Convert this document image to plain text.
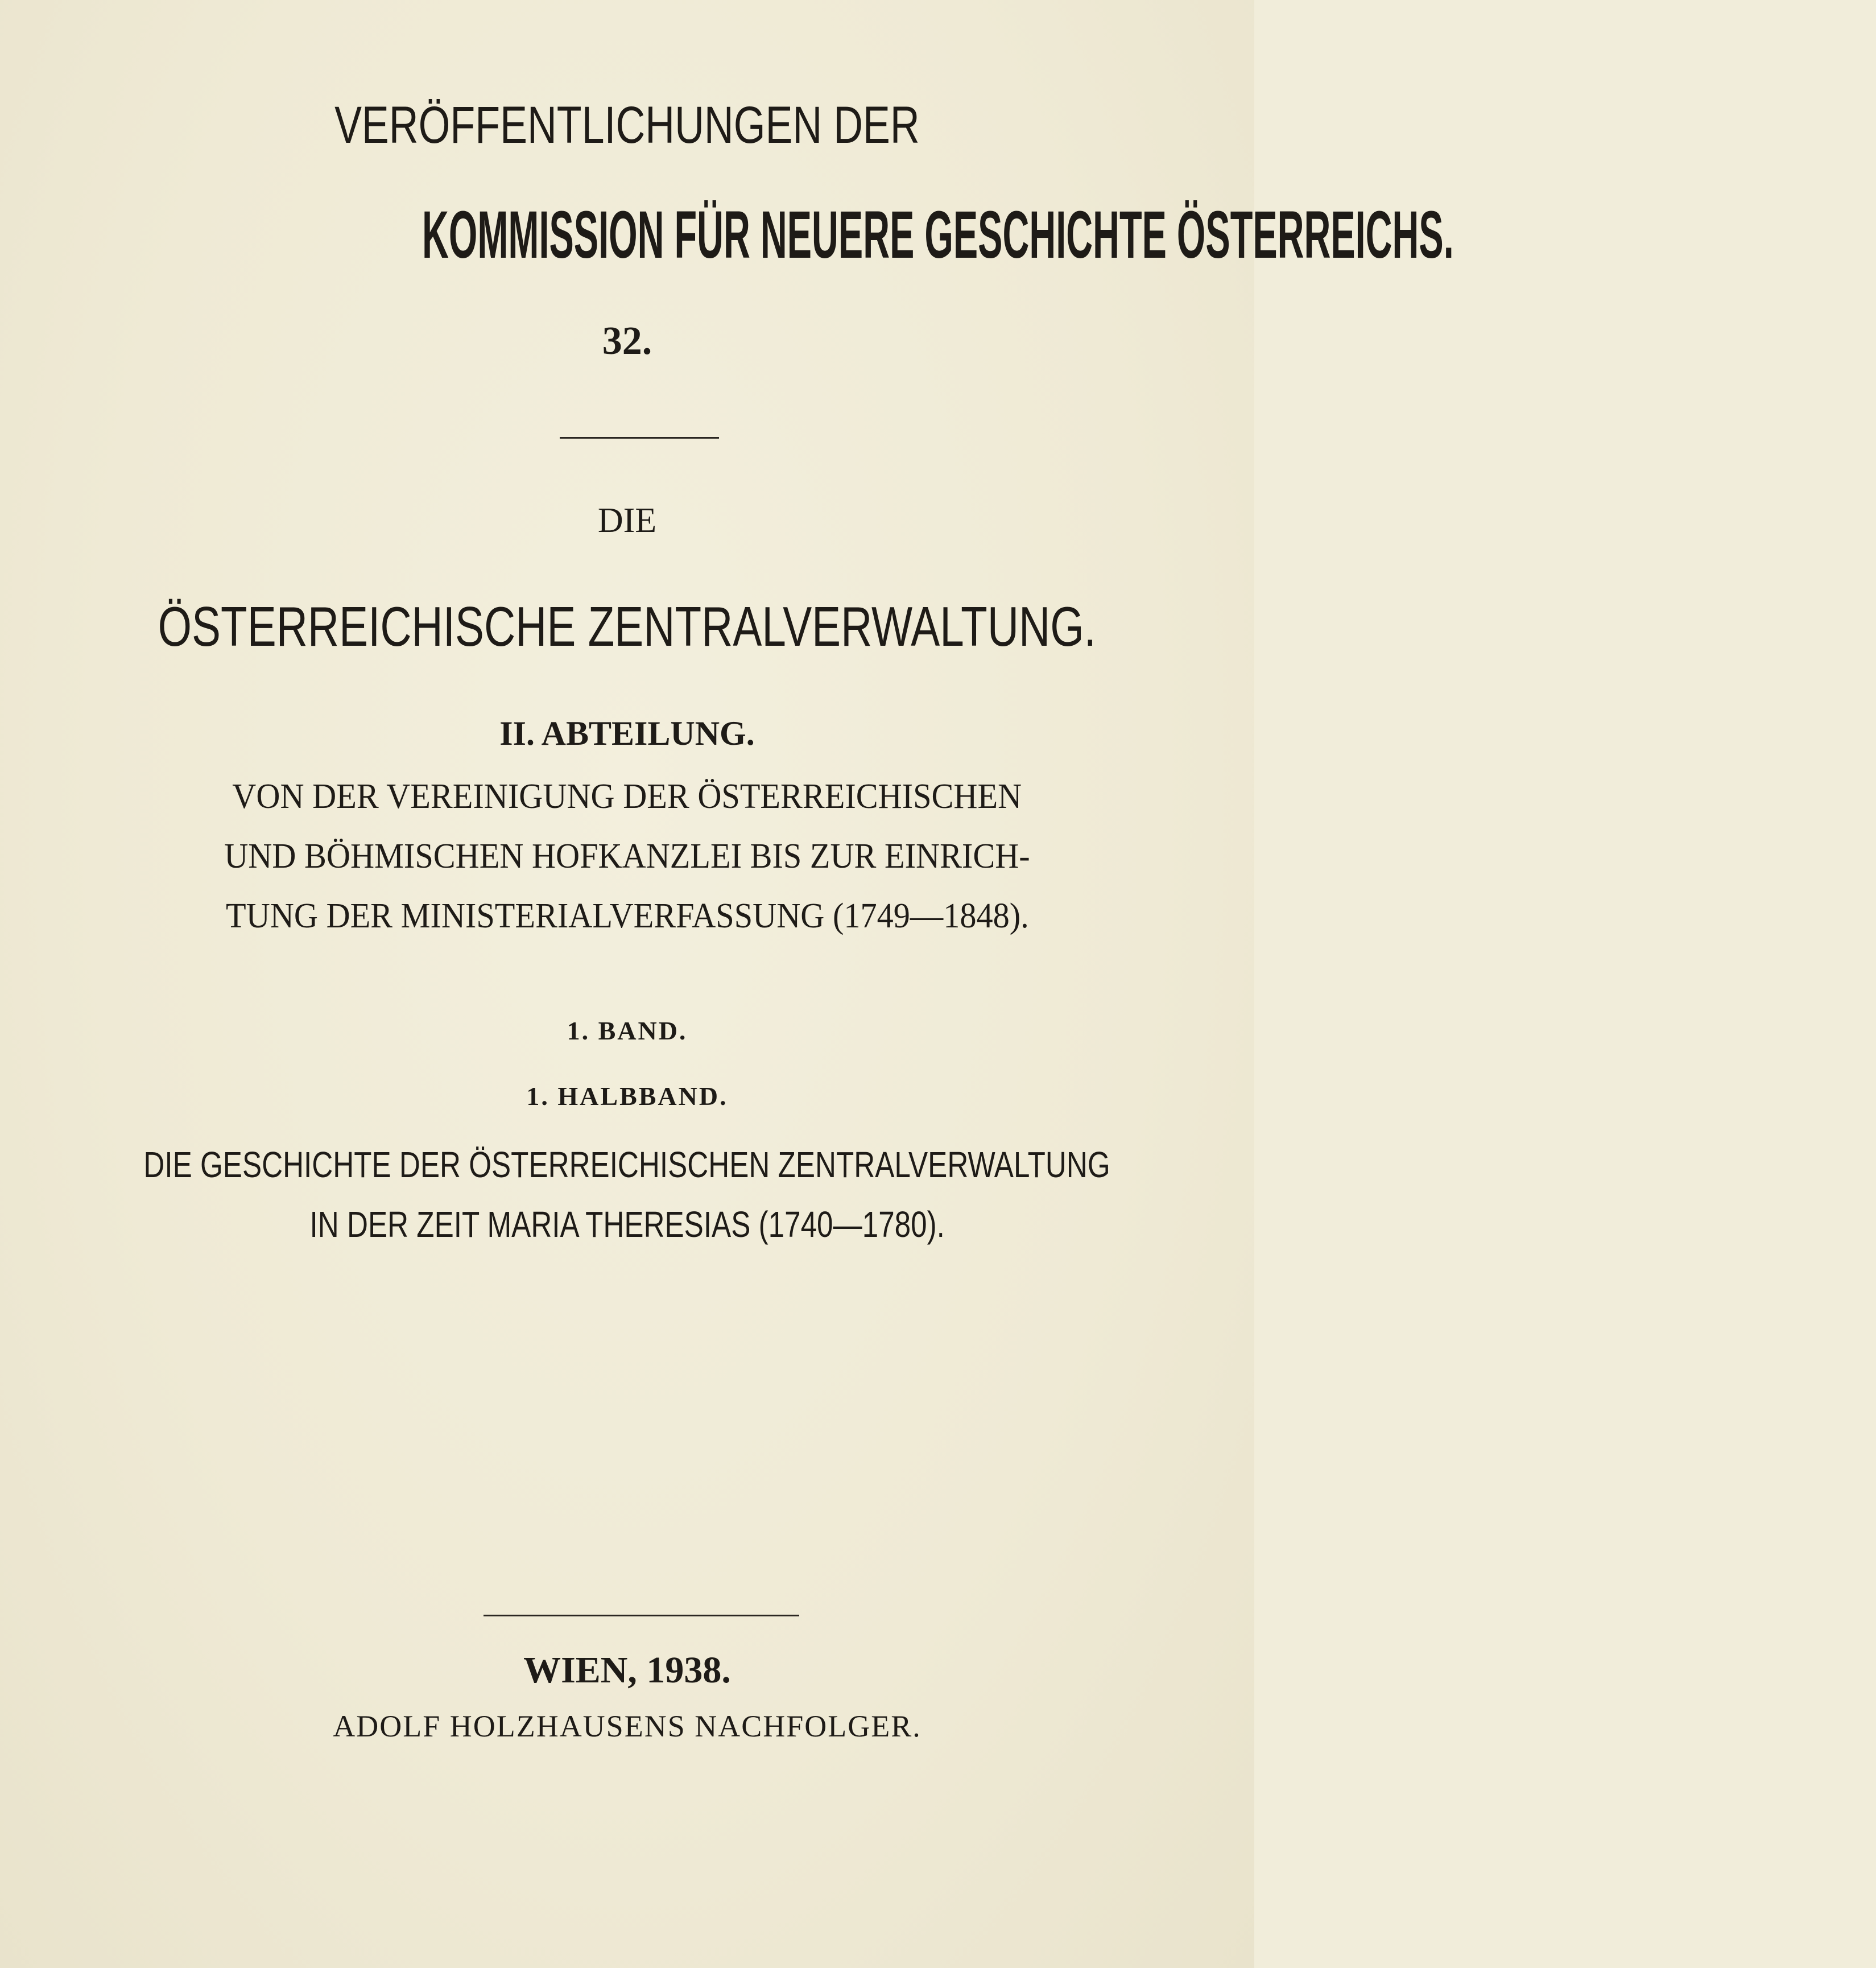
VERÖFFENTLICHUNGEN DER
KOMMISSION FÜR NEUERE GESCHICHTE ÖSTERREICHS.
32.
DIE
ÖSTERREICHISCHE ZENTRALVERWALTUNG.
II. ABTEILUNG.
VON DER VEREINIGUNG DER ÖSTERREICHISCHEN
UND BÖHMISCHEN HOFKANZLEI BIS ZUR EINRICH-
TUNG DER MINISTERIALVERFASSUNG (1749—1848).
1. BAND.
1. HALBBAND.
DIE GESCHICHTE DER ÖSTERREICHISCHEN ZENTRALVERWALTUNG
IN DER ZEIT MARIA THERESIAS (1740—1780).
WIEN, 1938.
ADOLF HOLZHAUSENS NACHFOLGER.
